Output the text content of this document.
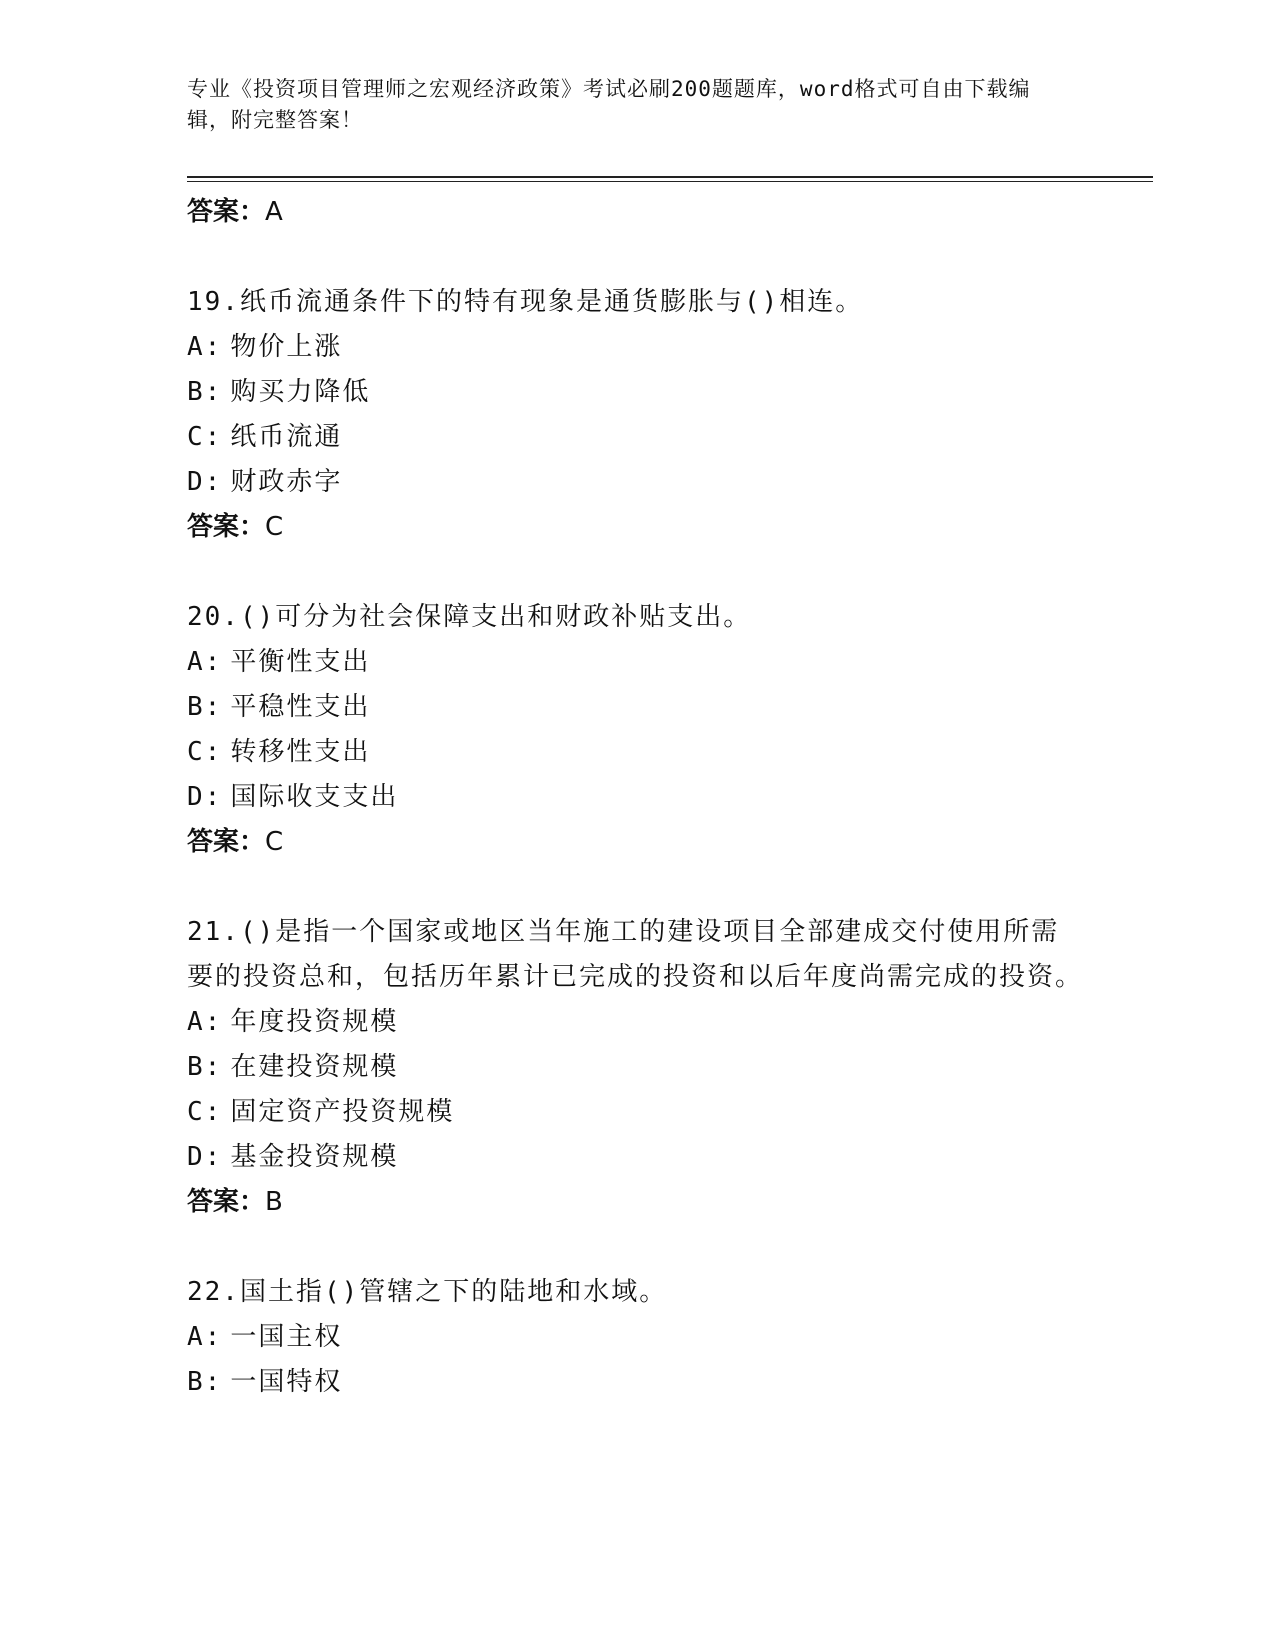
专业《投资项目管理师之宏观经济政策》考试必刷200题题库，word格式可自由下载编辑，附完整答案！

答案：A

19.纸币流通条件下的特有现象是通货膨胀与()相连。

A: 物价上涨

B: 购买力降低

C: 纸币流通

D: 财政赤字

答案：C

20.()可分为社会保障支出和财政补贴支出。

A: 平衡性支出

B: 平稳性支出

C: 转移性支出

D: 国际收支支出

答案：C

21.()是指一个国家或地区当年施工的建设项目全部建成交付使用所需要的投资总和，包括历年累计已完成的投资和以后年度尚需完成的投资。

A: 年度投资规模

B: 在建投资规模

C: 固定资产投资规模

D: 基金投资规模

答案：B

22.国土指()管辖之下的陆地和水域。

A: 一国主权

B: 一国特权
